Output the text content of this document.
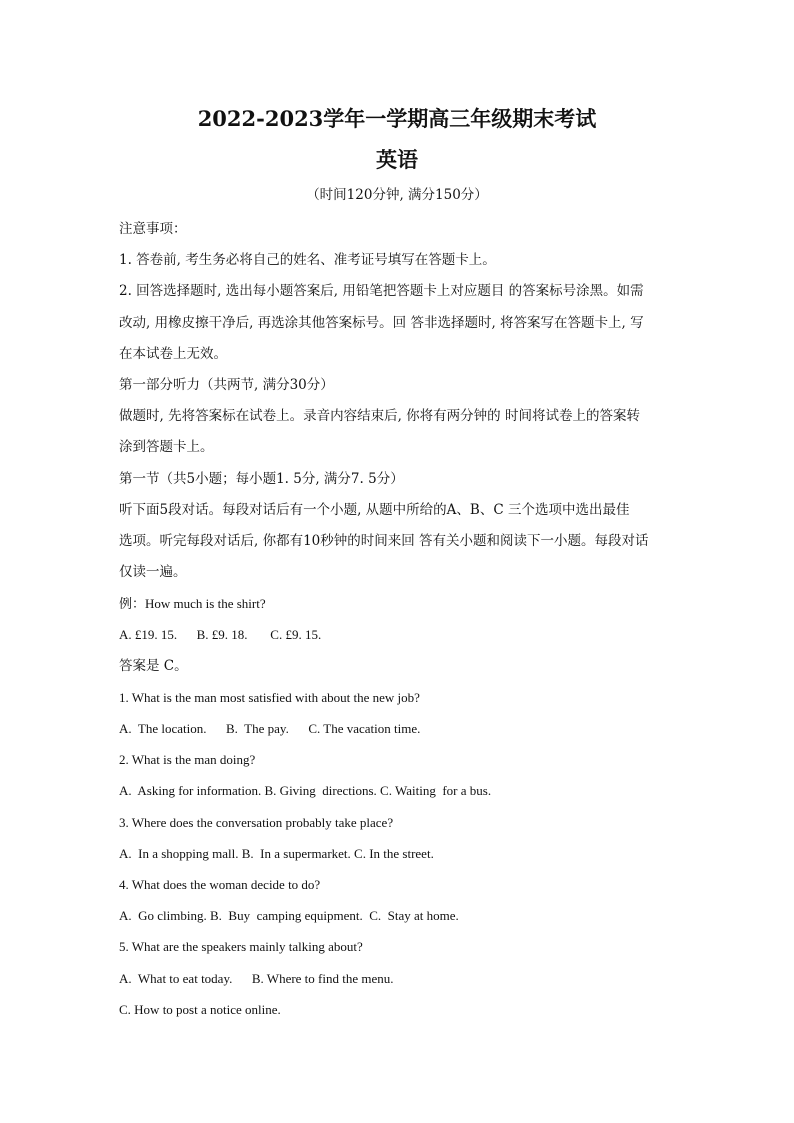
2022-2023学年一学期高三年级期末考试
英语
（时间120分钟, 满分150分）
注意事项：
1. 答卷前, 考生务必将自己的姓名、准考证号填写在答题卡上。
2. 回答选择题时, 选出每小题答案后, 用铅笔把答题卡上对应题目 的答案标号涂黑。如需
改动, 用橡皮擦干净后, 再选涂其他答案标号。回 答非选择题时, 将答案写在答题卡上, 写
在本试卷上无效。
第一部分听力（共两节, 满分30分）
做题时, 先将答案标在试卷上。录音内容结束后, 你将有两分钟的 时间将试卷上的答案转
涂到答题卡上。
第一节（共5小题；每小题1. 5分, 满分7. 5分）
听下面5段对话。每段对话后有一个小题, 从题中所给的A、B、C 三个选项中选出最佳
选项。听完每段对话后, 你都有10秒钟的时间来回 答有关小题和阅读下一小题。每段对话
仅读一遍。
例：How much is the shirt?
A. £19. 15.      B. £9. 18.       C. £9. 15.
答案是 C。
1. What is the man most satisfied with about the new job?
A.  The location.      B.  The pay.      C. The vacation time.
2. What is the man doing?
A.  Asking for information. B. Giving  directions. C. Waiting  for a bus.
3. Where does the conversation probably take place?
A.  In a shopping mall. B.  In a supermarket. C. In the street.
4. What does the woman decide to do?
A.  Go climbing. B.  Buy  camping equipment.  C.  Stay at home.
5. What are the speakers mainly talking about?
A.  What to eat today.      B. Where to find the menu.
C. How to post a notice online.
